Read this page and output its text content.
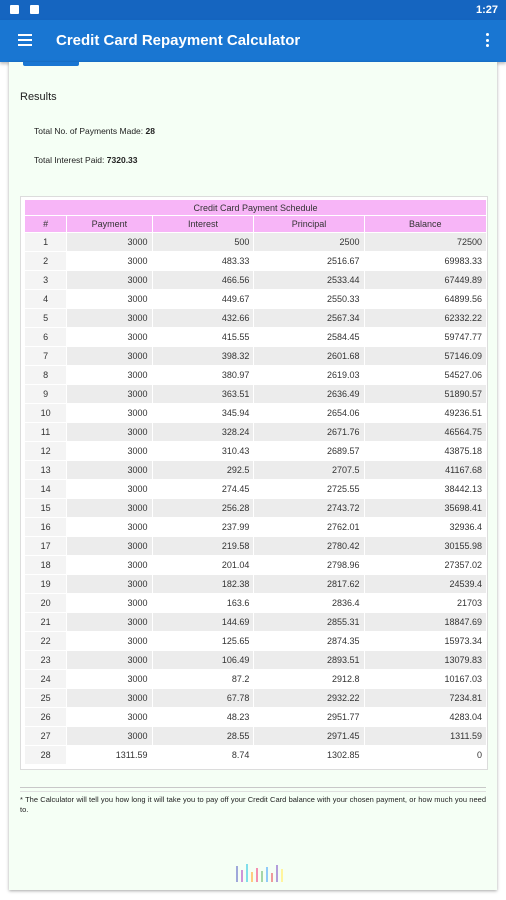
1:27
Credit Card Repayment Calculator
Results
Total No. of Payments Made: 28
Total Interest Paid: 7320.33
Credit Card Payment Schedule				
#	Payment	Interest	Principal	Balance
1	3000	500	2500	72500
2	3000	483.33	2516.67	69983.33
3	3000	466.56	2533.44	67449.89
4	3000	449.67	2550.33	64899.56
5	3000	432.66	2567.34	62332.22
6	3000	415.55	2584.45	59747.77
7	3000	398.32	2601.68	57146.09
8	3000	380.97	2619.03	54527.06
9	3000	363.51	2636.49	51890.57
10	3000	345.94	2654.06	49236.51
11	3000	328.24	2671.76	46564.75
12	3000	310.43	2689.57	43875.18
13	3000	292.5	2707.5	41167.68
14	3000	274.45	2725.55	38442.13
15	3000	256.28	2743.72	35698.41
16	3000	237.99	2762.01	32936.4
17	3000	219.58	2780.42	30155.98
18	3000	201.04	2798.96	27357.02
19	3000	182.38	2817.62	24539.4
20	3000	163.6	2836.4	21703
21	3000	144.69	2855.31	18847.69
22	3000	125.65	2874.35	15973.34
23	3000	106.49	2893.51	13079.83
24	3000	87.2	2912.8	10167.03
25	3000	67.78	2932.22	7234.81
26	3000	48.23	2951.77	4283.04
27	3000	28.55	2971.45	1311.59
28	1311.59	8.74	1302.85	0
* The Calculator will tell you how long it will take you to pay off your Credit Card balance with your chosen payment, or how much you need to.
